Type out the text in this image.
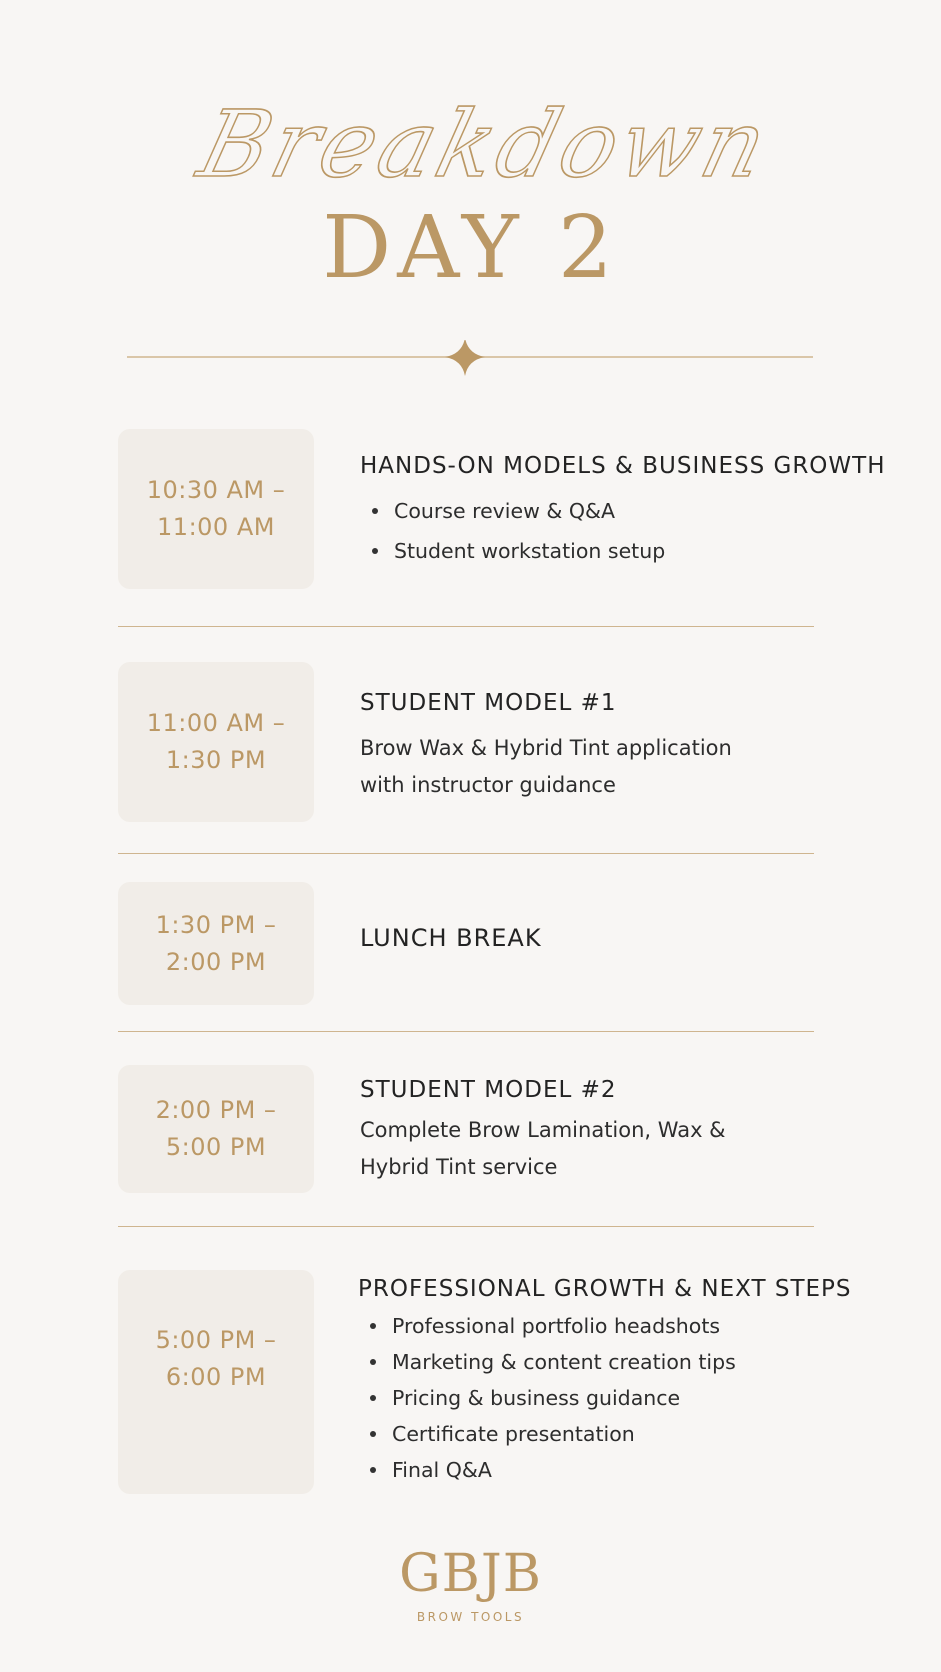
Breakdown
DAY 2
10:30 AM –
11:00 AM
HANDS-ON MODELS & BUSINESS GROWTH
Course review & Q&A
Student workstation setup
11:00 AM –
1:30 PM
STUDENT MODEL #1
Brow Wax & Hybrid Tint application
with instructor guidance
1:30 PM –
2:00 PM
LUNCH BREAK
2:00 PM –
5:00 PM
STUDENT MODEL #2
Complete Brow Lamination, Wax &
Hybrid Tint service
5:00 PM –
6:00 PM
PROFESSIONAL GROWTH & NEXT STEPS
Professional portfolio headshots
Marketing & content creation tips
Pricing & business guidance
Certificate presentation
Final Q&A
GBJB
BROW TOOLS
